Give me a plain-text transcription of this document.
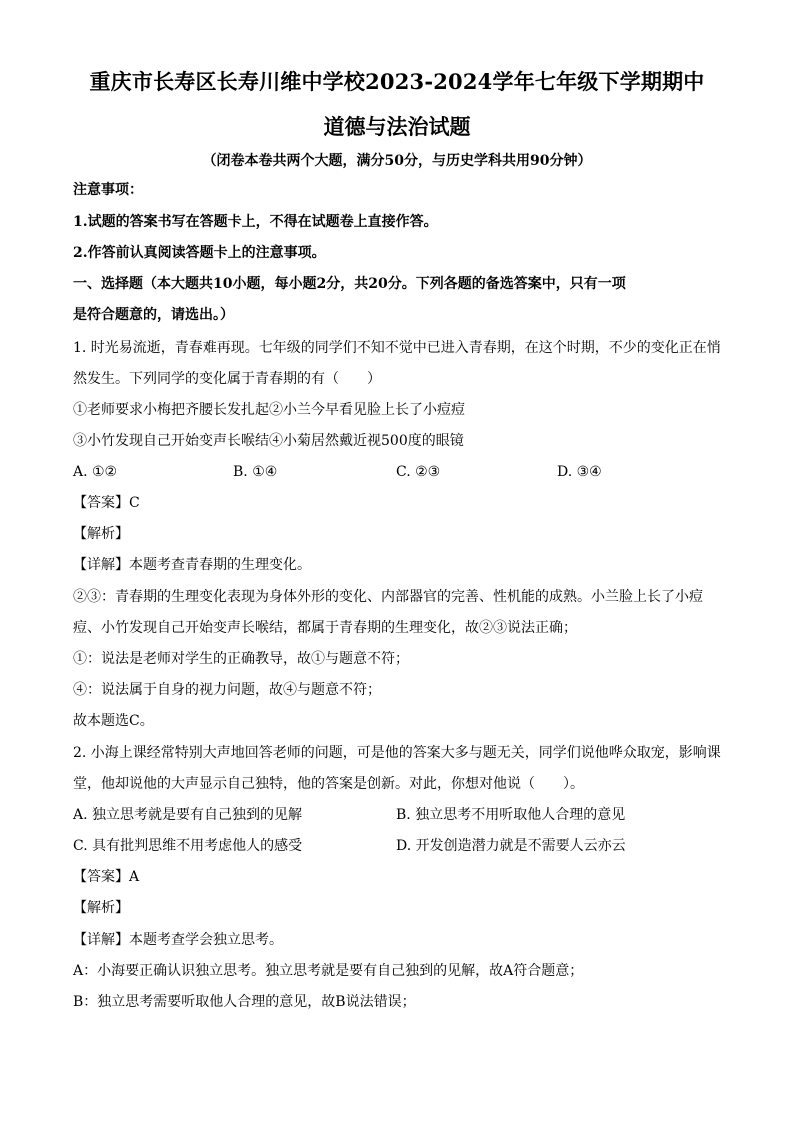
重庆市长寿区长寿川维中学校2023-2024学年七年级下学期期中
道德与法治试题
（闭卷本卷共两个大题，满分50分，与历史学科共用90分钟）
注意事项：
1.试题的答案书写在答题卡上，不得在试题卷上直接作答。
2.作答前认真阅读答题卡上的注意事项。
一、选择题（本大题共10小题，每小题2分，共20分。下列各题的备选答案中，只有一项
是符合题意的，请选出。）
1. 时光易流逝，青春难再现。七年级的同学们不知不觉中已进入青春期，在这个时期，不少的变化正在悄
然发生。下列同学的变化属于青春期的有（　　）
①老师要求小梅把齐腰长发扎起②小兰今早看见脸上长了小痘痘
③小竹发现自己开始变声长喉结④小菊居然戴近视500度的眼镜
A. ①②	B. ①④	C. ②③	D. ③④
【答案】C
【解析】
【详解】本题考查青春期的生理变化。
②③：青春期的生理变化表现为身体外形的变化、内部器官的完善、性机能的成熟。小兰脸上长了小痘
痘、小竹发现自己开始变声长喉结，都属于青春期的生理变化，故②③说法正确；
①：说法是老师对学生的正确教导，故①与题意不符；
④：说法属于自身的视力问题，故④与题意不符；
故本题选C。
2. 小海上课经常特别大声地回答老师的问题，可是他的答案大多与题无关，同学们说他哗众取宠，影响课
堂，他却说他的大声显示自己独特，他的答案是创新。对此，你想对他说（　　）。
A. 独立思考就是要有自己独到的见解	B. 独立思考不用听取他人合理的意见
C. 具有批判思维不用考虑他人的感受	D. 开发创造潜力就是不需要人云亦云
【答案】A
【解析】
【详解】本题考查学会独立思考。
A：小海要正确认识独立思考。独立思考就是要有自己独到的见解，故A符合题意；
B：独立思考需要听取他人合理的意见，故B说法错误；
